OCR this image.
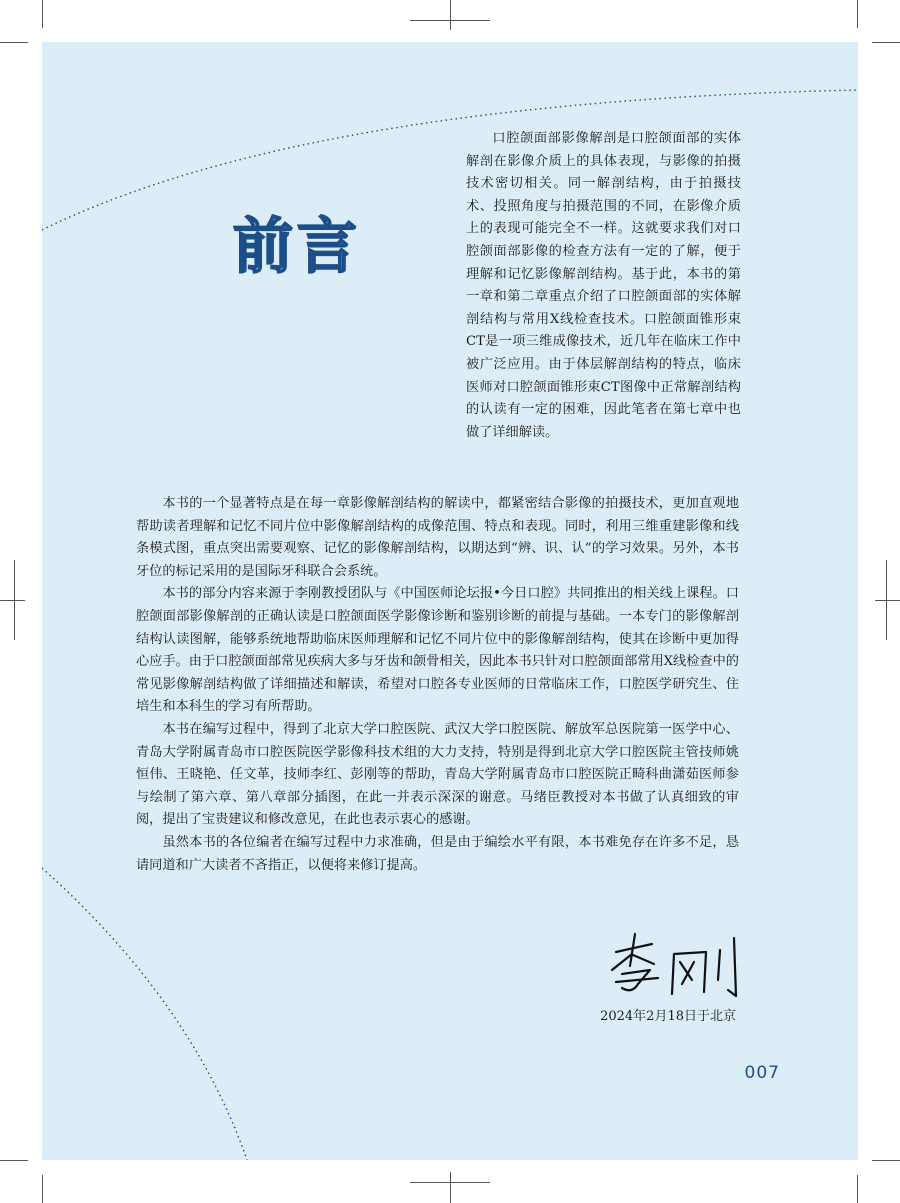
前言

口腔颌面部影像解剖是口腔颌面部的实体解剖在影像介质上的具体表现，与影像的拍摄技术密切相关。同一解剖结构，由于拍摄技术、投照角度与拍摄范围的不同，在影像介质上的表现可能完全不一样。这就要求我们对口腔颌面部影像的检查方法有一定的了解，便于理解和记忆影像解剖结构。基于此，本书的第一章和第二章重点介绍了口腔颌面部的实体解剖结构与常用X线检查技术。口腔颌面锥形束CT是一项三维成像技术，近几年在临床工作中被广泛应用。由于体层解剖结构的特点，临床医师对口腔颌面锥形束CT图像中正常解剖结构的认读有一定的困难，因此笔者在第七章中也做了详细解读。

本书的一个显著特点是在每一章影像解剖结构的解读中，都紧密结合影像的拍摄技术，更加直观地帮助读者理解和记忆不同片位中影像解剖结构的成像范围、特点和表现。同时，利用三维重建影像和线条模式图，重点突出需要观察、记忆的影像解剖结构，以期达到“辨、识、认”的学习效果。另外，本书牙位的标记采用的是国际牙科联合会系统。

本书的部分内容来源于李刚教授团队与《中国医师论坛报•今日口腔》共同推出的相关线上课程。口腔颌面部影像解剖的正确认读是口腔颌面医学影像诊断和鉴别诊断的前提与基础。一本专门的影像解剖结构认读图解，能够系统地帮助临床医师理解和记忆不同片位中的影像解剖结构，使其在诊断中更加得心应手。由于口腔颌面部常见疾病大多与牙齿和颌骨相关，因此本书只针对口腔颌面部常用X线检查中的常见影像解剖结构做了详细描述和解读，希望对口腔各专业医师的日常临床工作，口腔医学研究生、住培生和本科生的学习有所帮助。

本书在编写过程中，得到了北京大学口腔医院、武汉大学口腔医院、解放军总医院第一医学中心、青岛大学附属青岛市口腔医院医学影像科技术组的大力支持，特别是得到北京大学口腔医院主管技师姚恒伟、王晓艳、任文革，技师李红、彭刚等的帮助，青岛大学附属青岛市口腔医院正畸科曲潇茹医师参与绘制了第六章、第八章部分插图，在此一并表示深深的谢意。马绪臣教授对本书做了认真细致的审阅，提出了宝贵建议和修改意见，在此也表示衷心的感谢。

虽然本书的各位编者在编写过程中力求准确，但是由于编绘水平有限，本书难免存在许多不足，恳请同道和广大读者不吝指正，以便将来修订提高。

2024年2月18日于北京
007
